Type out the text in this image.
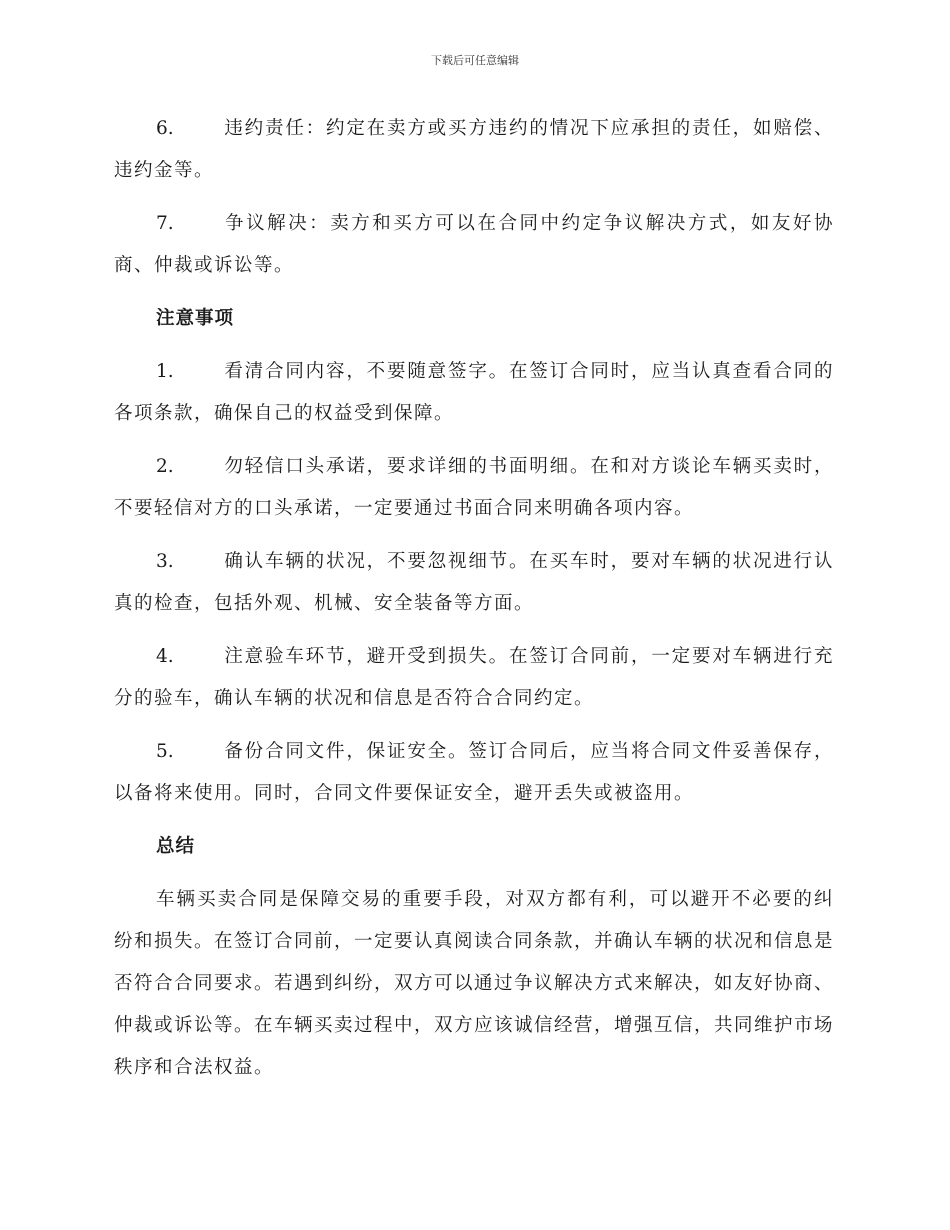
下载后可任意编辑

6.	违约责任：约定在卖方或买方违约的情况下应承担的责任，如赔偿、违约金等。

7.	争议解决：卖方和买方可以在合同中约定争议解决方式，如友好协商、仲裁或诉讼等。

注意事项

1.	看清合同内容，不要随意签字。在签订合同时，应当认真查看合同的各项条款，确保自己的权益受到保障。

2.	勿轻信口头承诺，要求详细的书面明细。在和对方谈论车辆买卖时，不要轻信对方的口头承诺，一定要通过书面合同来明确各项内容。

3.	确认车辆的状况，不要忽视细节。在买车时，要对车辆的状况进行认真的检查，包括外观、机械、安全装备等方面。

4.	注意验车环节，避开受到损失。在签订合同前，一定要对车辆进行充分的验车，确认车辆的状况和信息是否符合合同约定。

5.	备份合同文件，保证安全。签订合同后，应当将合同文件妥善保存，以备将来使用。同时，合同文件要保证安全，避开丢失或被盗用。

总结

车辆买卖合同是保障交易的重要手段，对双方都有利，可以避开不必要的纠纷和损失。在签订合同前，一定要认真阅读合同条款，并确认车辆的状况和信息是否符合合同要求。若遇到纠纷，双方可以通过争议解决方式来解决，如友好协商、仲裁或诉讼等。在车辆买卖过程中，双方应该诚信经营，增强互信，共同维护市场秩序和合法权益。
